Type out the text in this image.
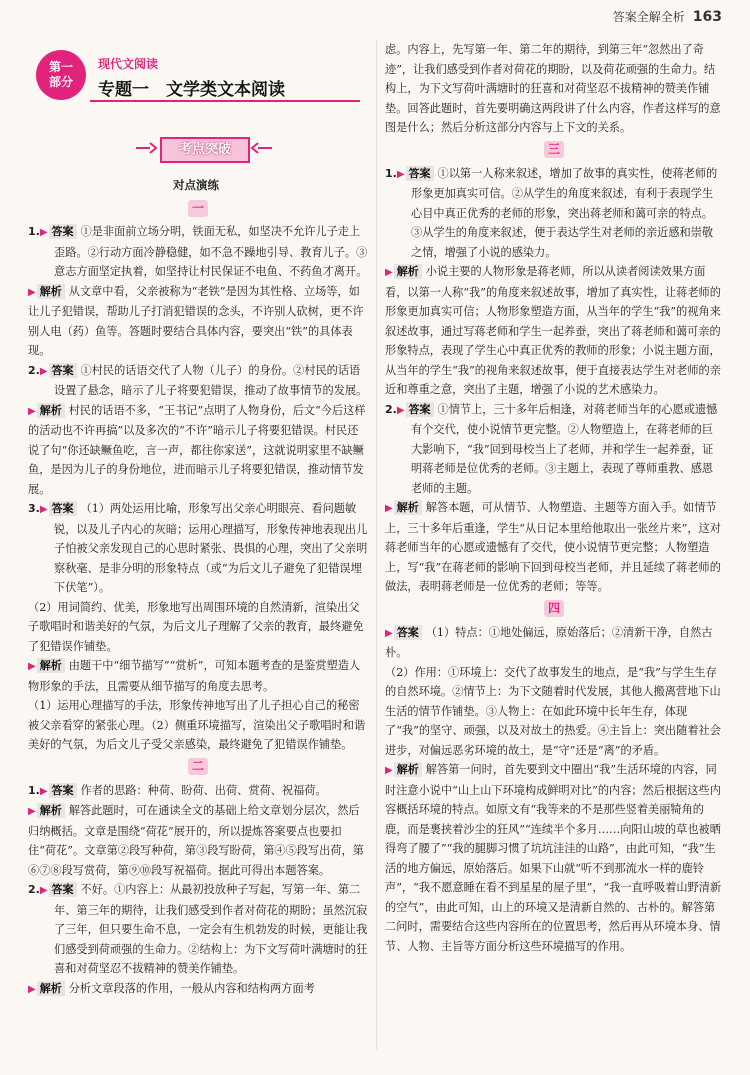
答案全解全析 163
第一
部分
现代文阅读
专题一　文学类文本阅读
考点突破
对点演练
一

1.▶ 答案 ①是非面前立场分明，铁面无私，如坚决不允许儿子走上歪路。②行动方面冷静稳健，如不急不躁地引导、教育儿子。③意志方面坚定执着，如坚持让村民保证不电鱼、不药鱼才离开。

▶ 解析 从文章中看，父亲被称为“老铁”是因为其性格、立场等，如让儿子犯错误，帮助儿子打消犯错误的念头，不许别人砍树，更不许别人电（药）鱼等。答题时要结合具体内容，要突出“铁”的具体表现。

2.▶ 答案 ①村民的话语交代了人物（儿子）的身份。②村民的话语设置了悬念，暗示了儿子将要犯错误，推动了故事情节的发展。

▶ 解析 村民的话语不多，“王书记”点明了人物身份，后文“今后这样的活动也不许再搞”以及多次的“不许”暗示儿子将要犯错误。村民还说了句“你还缺鳜鱼吃，言一声，都往你家送”，这就说明家里不缺鳜鱼，是因为儿子的身份地位，进而暗示儿子将要犯错误，推动情节发展。

3.▶ 答案 （1）两处运用比喻，形象写出父亲心明眼亮、看问题敏锐，以及儿子内心的灰暗；运用心理描写，形象传神地表现出儿子怕被父亲发现自己的心思时紧张、畏惧的心理，突出了父亲明察秋毫、是非分明的形象特点（或“为后文儿子避免了犯错误埋下伏笔”）。

（2）用词简约、优美，形象地写出周围环境的自然清新，渲染出父子歌唱时和谐美好的气氛，为后文儿子理解了父亲的教育，最终避免了犯错误作铺垫。

▶ 解析 由题干中“细节描写”“赏析”，可知本题考查的是鉴赏塑造人物形象的手法，且需要从细节描写的角度去思考。

（1）运用心理描写的手法，形象传神地写出了儿子担心自己的秘密被父亲看穿的紧张心理。（2）侧重环境描写，渲染出父子歌唱时和谐美好的气氛，为后文儿子受父亲感染，最终避免了犯错误作铺垫。

二

1.▶ 答案 作者的思路：种荷、盼荷、出荷、赏荷、祝福荷。

▶ 解析 解答此题时，可在通读全文的基础上给文章划分层次，然后归纳概括。文章是围绕“荷花”展开的，所以提炼答案要点也要扣住“荷花”。文章第②段写种荷，第③段写盼荷，第④⑤段写出荷，第⑥⑦⑧段写赏荷，第⑨⑩段写祝福荷。据此可得出本题答案。

2.▶ 答案 不好。①内容上：从最初投放种子写起，写第一年、第二年、第三年的期待，让我们感受到作者对荷花的期盼；虽然沉寂了三年，但只要生命不息，一定会有生机勃发的时候，更能让我们感受到荷顽强的生命力。②结构上：为下文写荷叶满塘时的狂喜和对荷坚忍不拔精神的赞美作铺垫。

▶ 解析 分析文章段落的作用，一般从内容和结构两方面考

虑。内容上，先写第一年、第二年的期待，到第三年“忽然出了奇迹”，让我们感受到作者对荷花的期盼，以及荷花顽强的生命力。结构上，为下文写荷叶满塘时的狂喜和对荷坚忍不拔精神的赞美作铺垫。回答此题时，首先要明确这两段讲了什么内容，作者这样写的意图是什么；然后分析这部分内容与上下文的关系。

三

1.▶ 答案 ①以第一人称来叙述，增加了故事的真实性，使蒋老师的形象更加真实可信。②从学生的角度来叙述，有利于表现学生心目中真正优秀的老师的形象，突出蒋老师和蔼可亲的特点。③从学生的角度来叙述，便于表达学生对老师的亲近感和崇敬之情，增强了小说的感染力。

▶ 解析 小说主要的人物形象是蒋老师，所以从读者阅读效果方面看，以第一人称“我”的角度来叙述故事，增加了真实性，让蒋老师的形象更加真实可信；人物形象塑造方面，从当年的学生“我”的视角来叙述故事，通过写蒋老师和学生一起养蚕，突出了蒋老师和蔼可亲的形象特点，表现了学生心中真正优秀的教师的形象；小说主题方面，从当年的学生“我”的视角来叙述故事，便于直接表达学生对老师的亲近和尊重之意，突出了主题，增强了小说的艺术感染力。

2.▶ 答案 ①情节上，三十多年后相逢，对蒋老师当年的心愿或遗憾有个交代，使小说情节更完整。②人物塑造上，在蒋老师的巨大影响下，“我”回到母校当上了老师，并和学生一起养蚕，证明蒋老师是位优秀的老师。③主题上，表现了尊师重教、感恩老师的主题。

▶ 解析 解答本题，可从情节、人物塑造、主题等方面入手。如情节上，三十多年后重逢，学生“从日记本里给他取出一张丝片来”，这对蒋老师当年的心愿或遗憾有了交代，使小说情节更完整；人物塑造上，写“我”在蒋老师的影响下回到母校当老师，并且延续了蒋老师的做法，表明蒋老师是一位优秀的老师；等等。

四

▶ 答案 （1）特点：①地处偏远，原始落后；②清新干净，自然古朴。

（2）作用：①环境上：交代了故事发生的地点，是“我”与学生生存的自然环境。②情节上：为下文随着时代发展，其他人搬离营地下山生活的情节作铺垫。③人物上：在如此环境中长年生存，体现了“我”的坚守、顽强，以及对故土的热爱。④主旨上：突出随着社会进步，对偏远恶劣环境的故土，是“守”还是“离”的矛盾。

▶ 解析 解答第一问时，首先要到文中圈出“我”生活环境的内容，同时注意小说中“山上山下环境构成鲜明对比”的内容；然后根据这些内容概括环境的特点。如原文有“我等来的不是那些竖着美丽犄角的鹿，而是裹挟着沙尘的狂风”“连续半个多月……向阳山坡的草也被晒得弯了腰了”“我的腿脚习惯了坑坑洼洼的山路”，由此可知，“我”生活的地方偏远，原始落后。如果下山就“听不到那流水一样的鹿铃声”，“我不愿意睡在看不到星星的屋子里”，“我一直呼吸着山野清新的空气”，由此可知，山上的环境又是清新自然的、古朴的。解答第二问时，需要结合这些内容所在的位置思考，然后再从环境本身、情节、人物、主旨等方面分析这些环境描写的作用。
